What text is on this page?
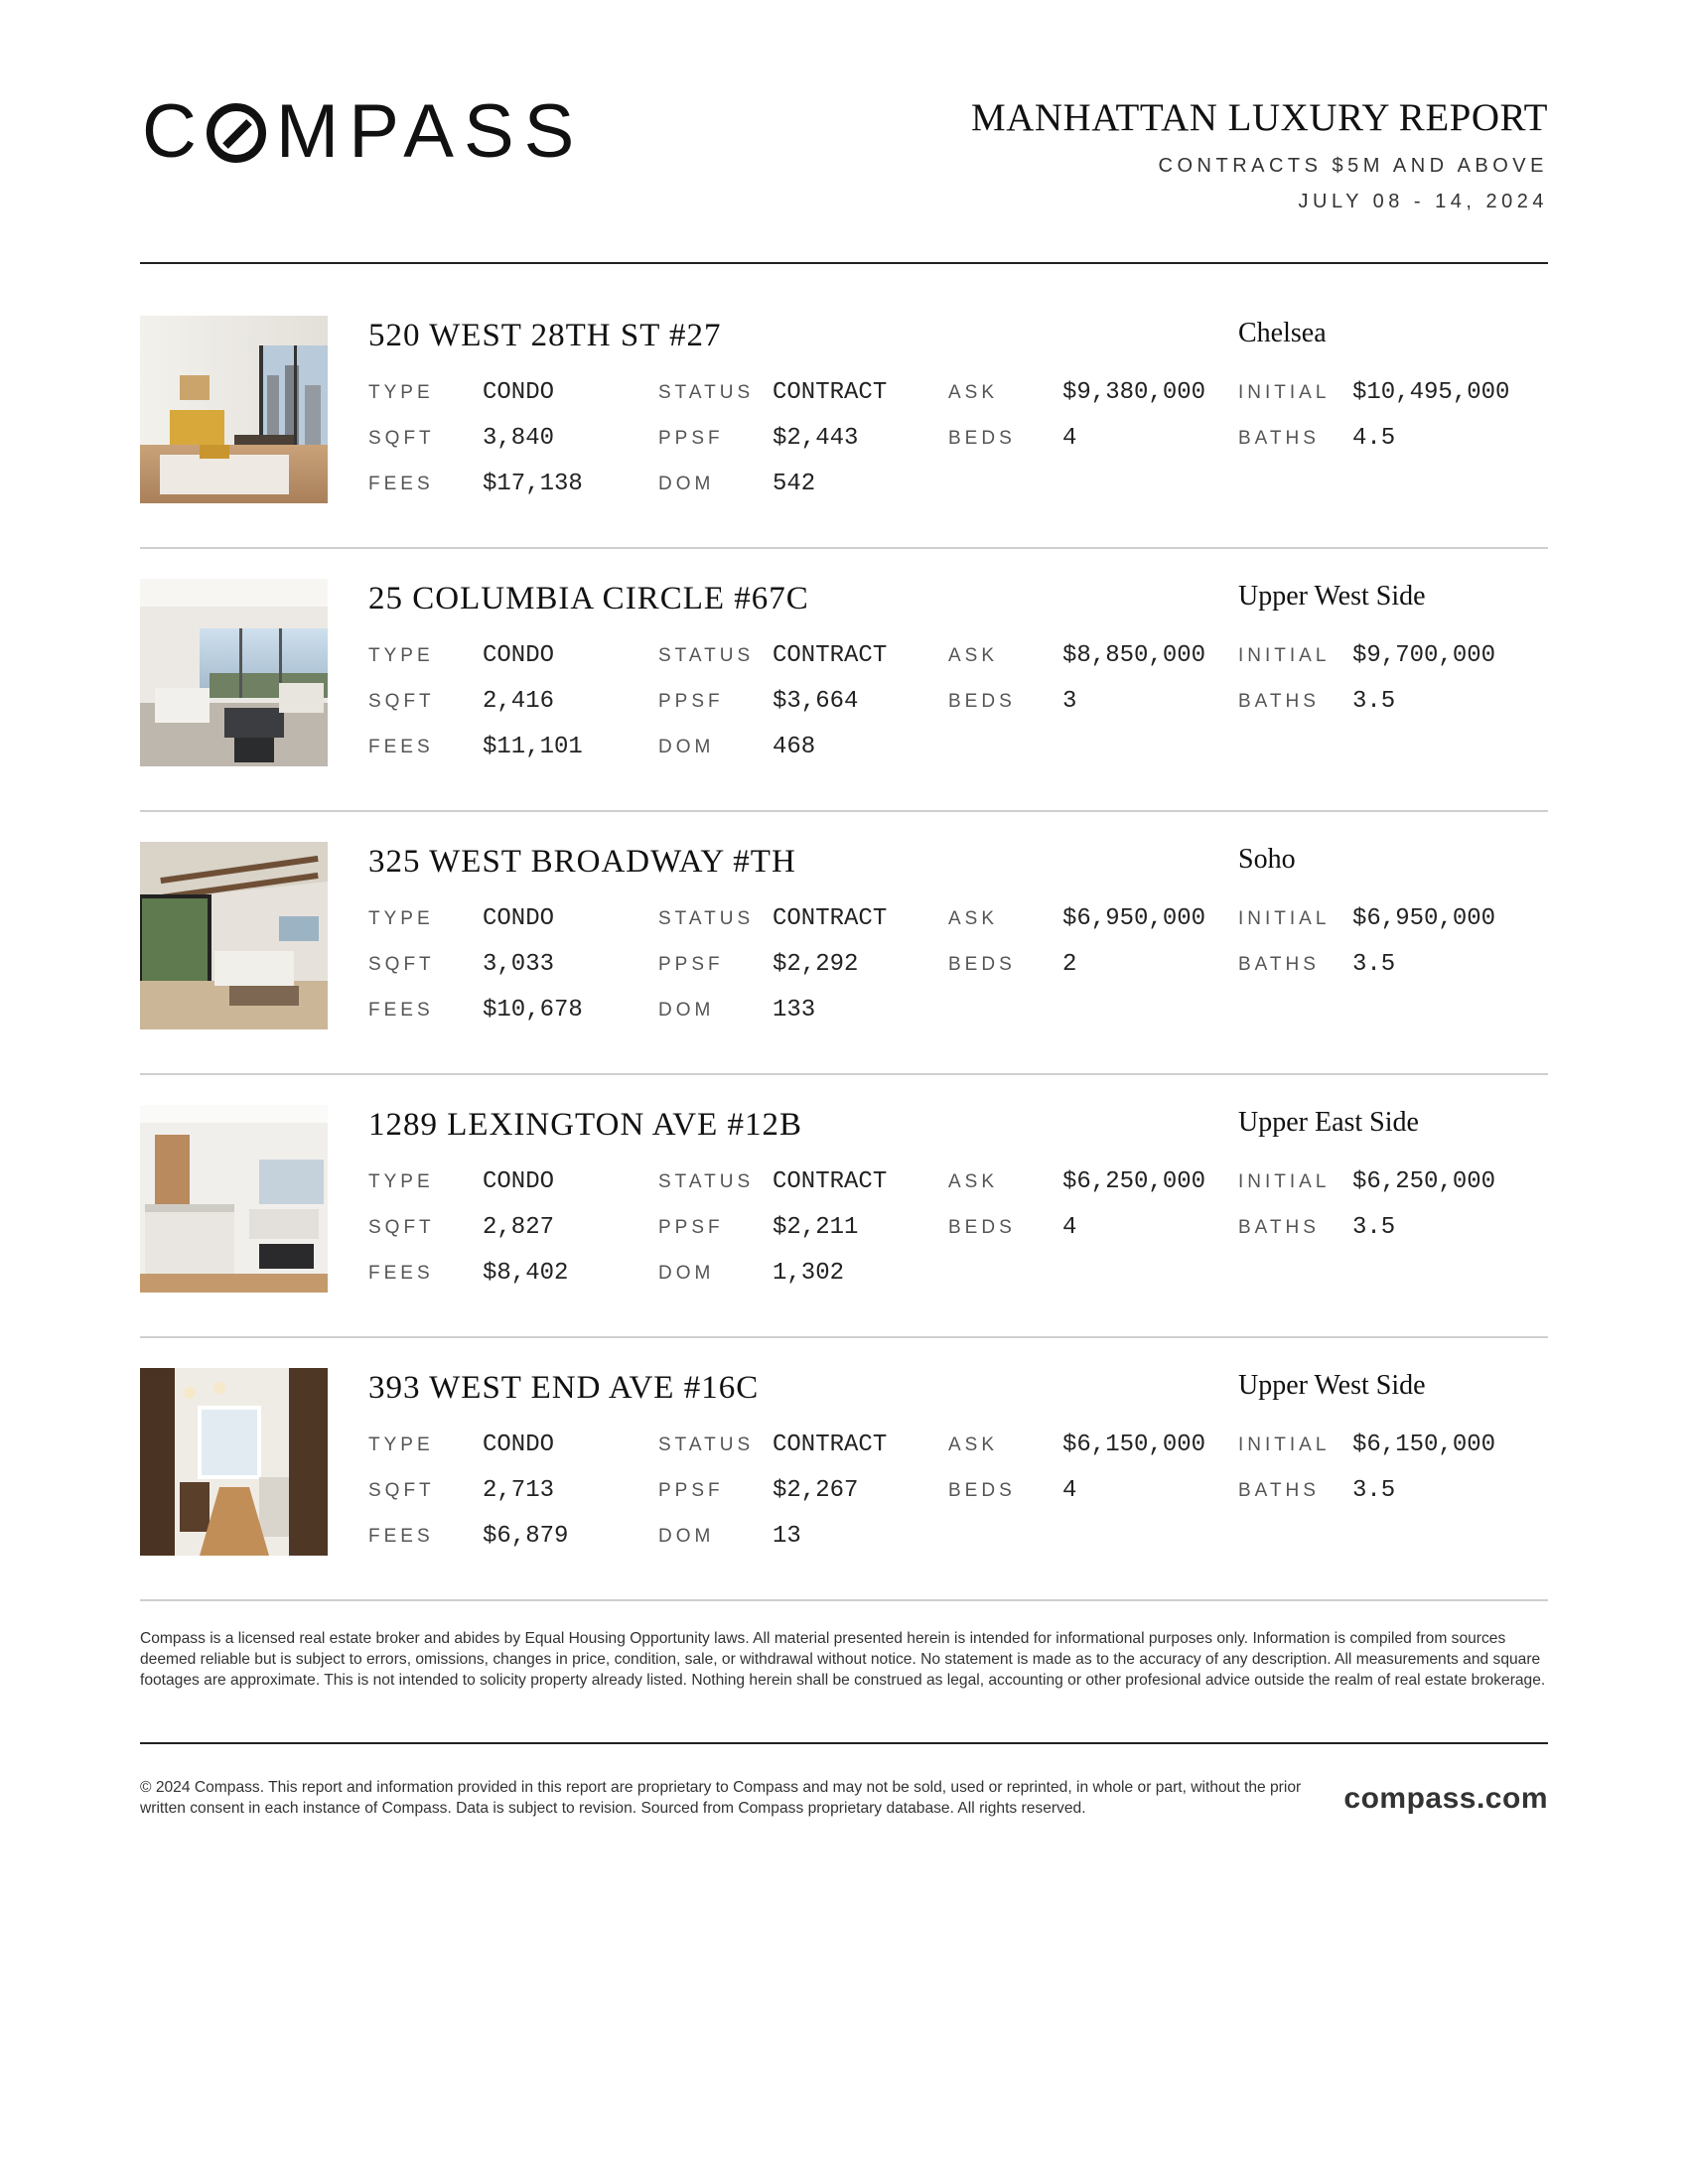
C MPASS	MANHATTAN LUXURY REPORT
CONTRACTS $5M AND ABOVE
JULY 08 - 14, 2024
520 WEST 28TH ST #27	Chelsea
TYPE CONDO	STATUS CONTRACT	ASK	$9,380,000 INITIAL $10,495,000
SQFT 3,840	PPSF $2,443	BEDS 4	BATHS 4.5
FEES $17,138	DOM 542
25 COLUMBIA CIRCLE #67C	Upper West Side
TYPE CONDO	STATUS CONTRACT	ASK	$8,850,000 INITIAL $9,700,000
SQFT 2,416	PPSF $3,664	BEDS 3	BATHS 3.5
FEES $11,101	DOM 468
325 WEST BROADWAY #TH	Soho
TYPE CONDO	STATUS CONTRACT	ASK	$6,950,000 INITIAL $6,950,000
SQFT 3,033	PPSF $2,292	BEDS 2	BATHS 3.5
FEES $10,678	DOM 133
1289 LEXINGTON AVE #12B	Upper East Side
TYPE CONDO	STATUS CONTRACT	ASK	$6,250,000 INITIAL $6,250,000
SQFT 2,827	PPSF $2,211	BEDS 4	BATHS 3.5
FEES $8,402	DOM 1,302
393 WEST END AVE #16C	Upper West Side
TYPE CONDO	STATUS CONTRACT	ASK	$6,150,000 INITIAL $6,150,000
SQFT 2,713	PPSF $2,267	BEDS 4	BATHS 3.5
FEES $6,879	DOM 13
Compass is a licensed real estate broker and abides by Equal Housing Opportunity laws. All material presented herein is intended for informational purposes only. Information is compiled from sources deemed reliable but is subject to errors, omissions, changes in price, condition, sale, or withdrawal without notice. No statement is made as to the accuracy of any description. All measurements and square footages are approximate. This is not intended to solicity property already listed. Nothing herein shall be construed as legal, accounting or other profesional advice outside the realm of real estate brokerage.
© 2024 Compass. This report and information provided in this report are proprietary to Compass and may not be sold, used or reprinted, in whole or part, without the prior written consent in each instance of Compass. Data is subject to revision. Sourced from Compass proprietary database. All rights reserved.	compass.com
